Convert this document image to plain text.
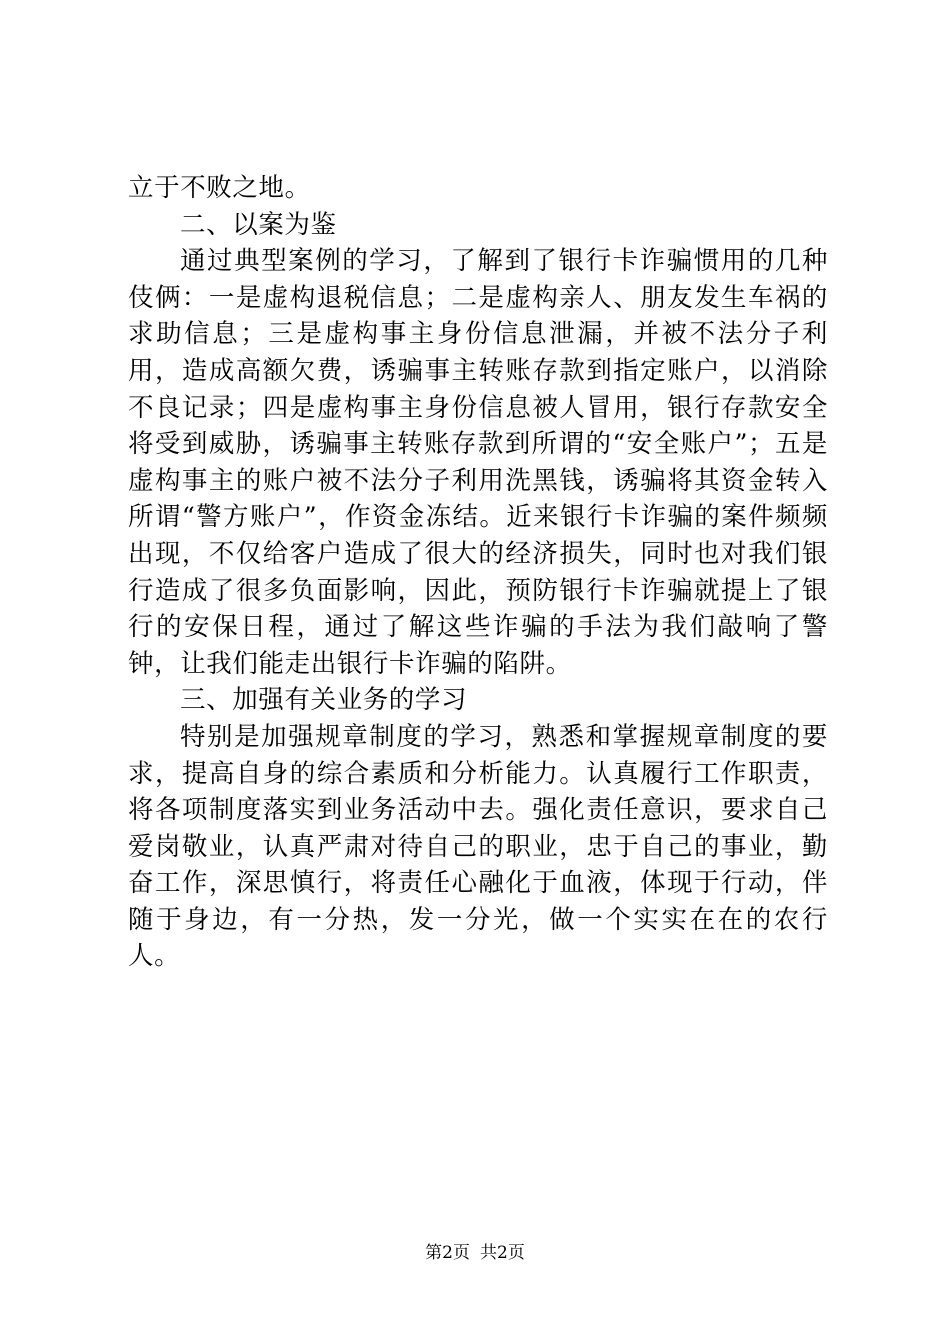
立于不败之地。

二、以案为鉴

通过典型案例的学习，了解到了银行卡诈骗惯用的几种伎俩：一是虚构退税信息；二是虚构亲人、朋友发生车祸的求助信息；三是虚构事主身份信息泄漏，并被不法分子利用，造成高额欠费，诱骗事主转账存款到指定账户，以消除不良记录；四是虚构事主身份信息被人冒用，银行存款安全将受到威胁，诱骗事主转账存款到所谓的“安全账户”；五是虚构事主的账户被不法分子利用洗黑钱，诱骗将其资金转入所谓“警方账户”，作资金冻结。近来银行卡诈骗的案件频频出现，不仅给客户造成了很大的经济损失，同时也对我们银行造成了很多负面影响，因此，预防银行卡诈骗就提上了银行的安保日程，通过了解这些诈骗的手法为我们敲响了警钟，让我们能走出银行卡诈骗的陷阱。

三、加强有关业务的学习

特别是加强规章制度的学习，熟悉和掌握规章制度的要求，提高自身的综合素质和分析能力。认真履行工作职责，将各项制度落实到业务活动中去。强化责任意识，要求自己爱岗敬业，认真严肃对待自己的职业，忠于自己的事业，勤奋工作，深思慎行，将责任心融化于血液，体现于行动，伴随于身边，有一分热，发一分光，做一个实实在在的农行人。

第2页 共2页
